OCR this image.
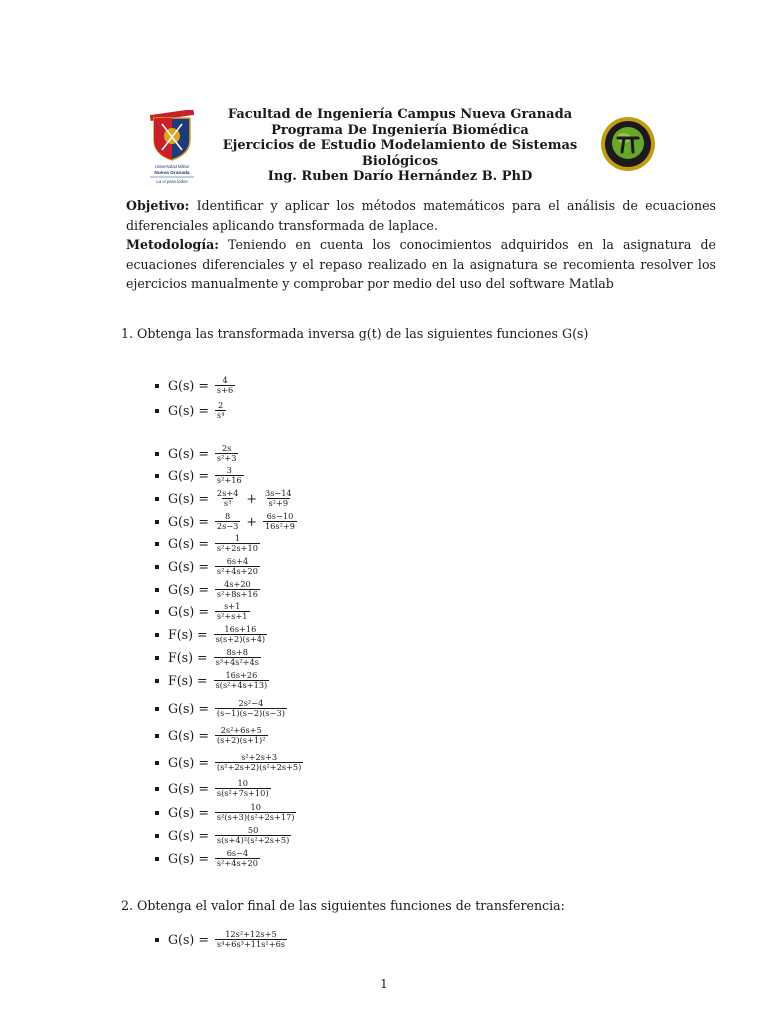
Universidad Militar
Nueva Granada
La U para todos
Facultad de Ingeniería Campus Nueva Granada
Programa De Ingeniería Biomédica
Ejercicios de Estudio Modelamiento de Sistemas
Biológicos
Ing. Ruben Darío Hernández B. PhD
Objetivo: Identificar y aplicar los métodos matemáticos para el análisis de ecuaciones diferenciales aplicando transformada de laplace.
Metodología: Teniendo en cuenta los conocimientos adquiridos en la asignatura de ecuaciones diferenciales y el repaso realizado en la asignatura se recomienta resolver los ejercicios manualmente y comprobar por medio del uso del software Matlab
1. Obtenga las transformada inversa g(t) de las siguientes funciones G(s)
$G(s) = \frac{4}{s+6}$
$G(s) = \frac{2}{\text{s⁴}}$
$G(s) = \frac{2s}{\text{s²+3}}$
$G(s) = \frac{3}{\text{s²+16}}$
$G(s) = \frac{2s+4}{\text{s³}} + \frac{3s-14}{\text{s²+9}}$
$G(s) = \frac{8}{2s-3} + \frac{6s-10}{\text{16s²+9}}$
$G(s) = \frac{1}{\text{s²+2s+10}}$
$G(s) = \frac{6s+4}{\text{s²+4s+20}}$
$G(s) = \frac{4s+20}{\text{s²+8s+16}}$
$G(s) = \frac{s+1}{\text{s²+s+1}}$
$F(s) = \frac{16s+16}{s(s+2)(s+4)}$
$F(s) = \frac{8s+8}{\text{s³+4s²+4s}}$
$F(s) = \frac{16s+26}{\text{s(s²+4s+13)}}$
$G(s) = \frac{\text{2s²−4}}{(s-1)(s-2)(s-3)}$
$G(s) = \frac{\text{2s²+6s+5}}{\text{(s+2)(s+1)²}}$
$G(s) = \frac{\text{s²+2s+3}}{\text{(s²+2s+2)(s²+2s+5)}}$
$G(s) = \frac{10}{\text{s(s²+7s+10)}}$
$G(s) = \frac{10}{\text{s²(s+3)(s²+2s+17)}}$
$G(s) = \frac{50}{\text{s(s+4)²(s²+2s+5)}}$
$G(s) = \frac{6s-4}{\text{s²+4s+20}}$
2. Obtenga el valor final de las siguientes funciones de transferencia:
$G(s) = \frac{\text{12s²+12s+5}}{\text{s⁴+6s³+11s²+6s}}$
1
